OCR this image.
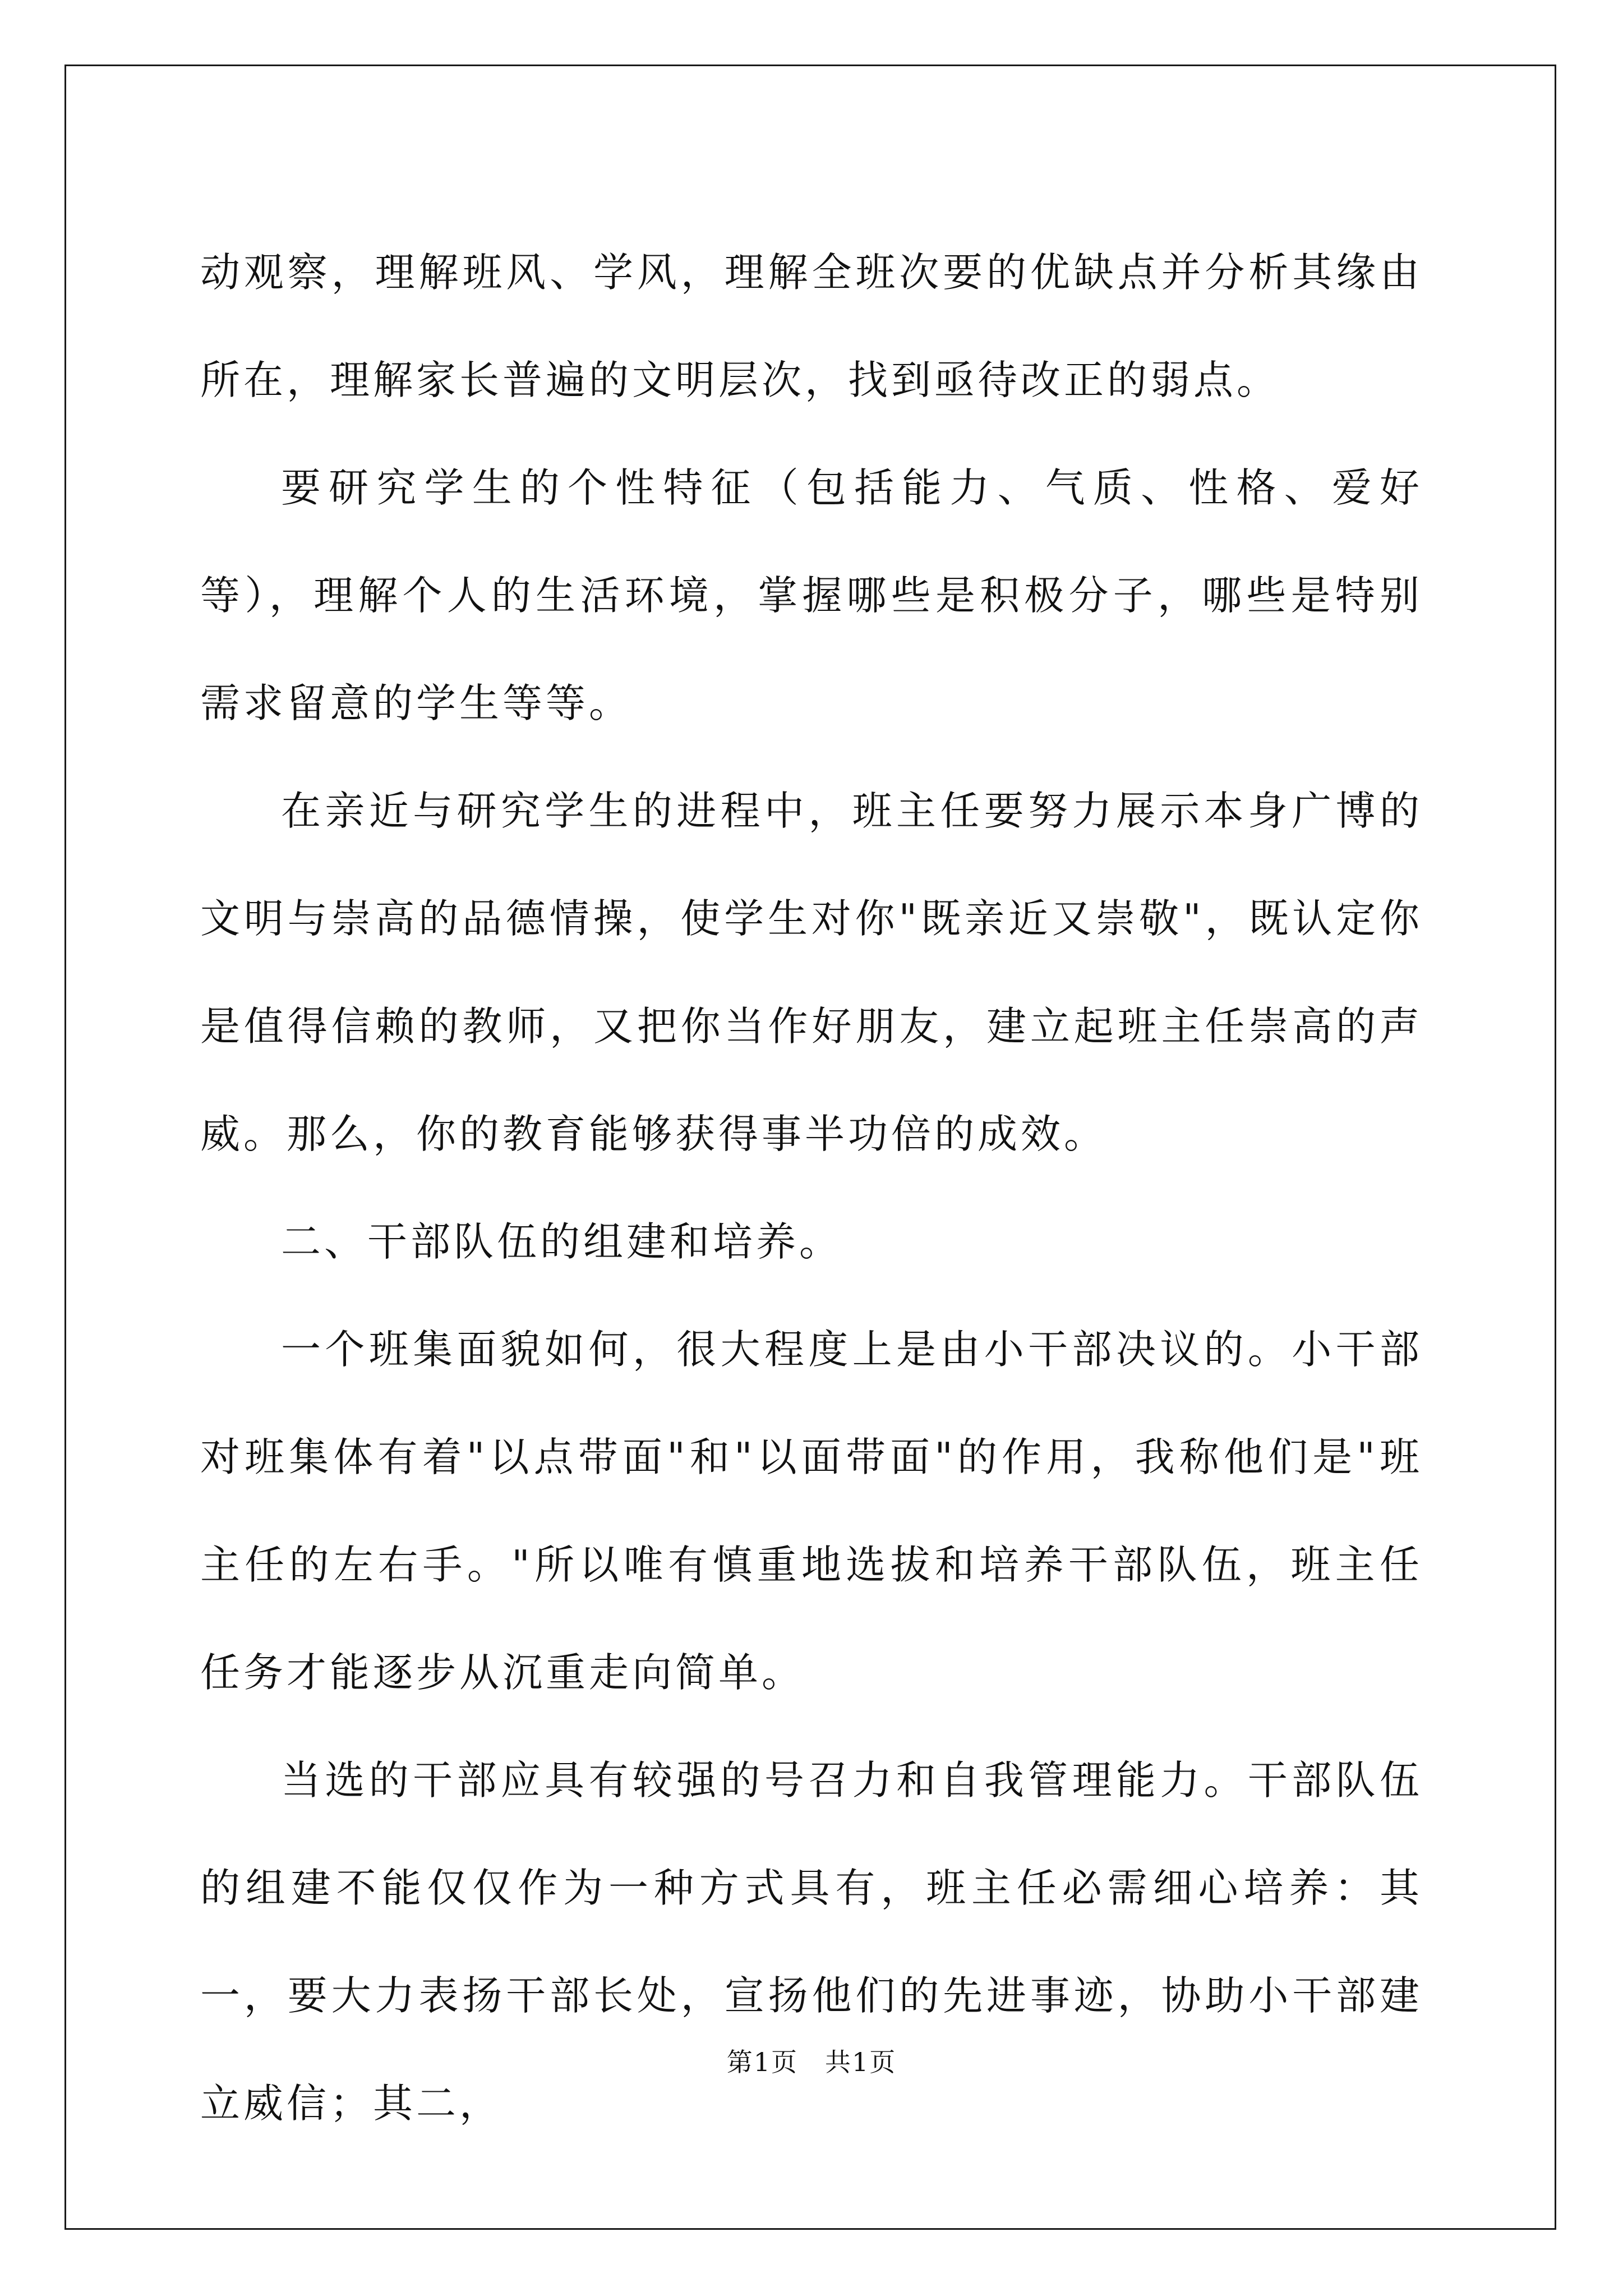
动观察，理解班风、学风，理解全班次要的优缺点并分析其缘由所在，理解家长普遍的文明层次，找到亟待改正的弱点。

要研究学生的个性特征（包括能力、气质、性格、爱好等），理解个人的生活环境，掌握哪些是积极分子，哪些是特别需求留意的学生等等。

在亲近与研究学生的进程中，班主任要努力展示本身广博的文明与崇高的品德情操，使学生对你"既亲近又崇敬"，既认定你是值得信赖的教师，又把你当作好朋友，建立起班主任崇高的声威。那么，你的教育能够获得事半功倍的成效。

二、干部队伍的组建和培养。

一个班集面貌如何，很大程度上是由小干部决议的。小干部对班集体有着"以点带面"和"以面带面"的作用，我称他们是"班主任的左右手。"所以唯有慎重地选拔和培养干部队伍，班主任任务才能逐步从沉重走向简单。

当选的干部应具有较强的号召力和自我管理能力。干部队伍的组建不能仅仅作为一种方式具有，班主任必需细心培养：其一，要大力表扬干部长处，宣扬他们的先进事迹，协助小干部建立威信；其二，

第1页 共1页
